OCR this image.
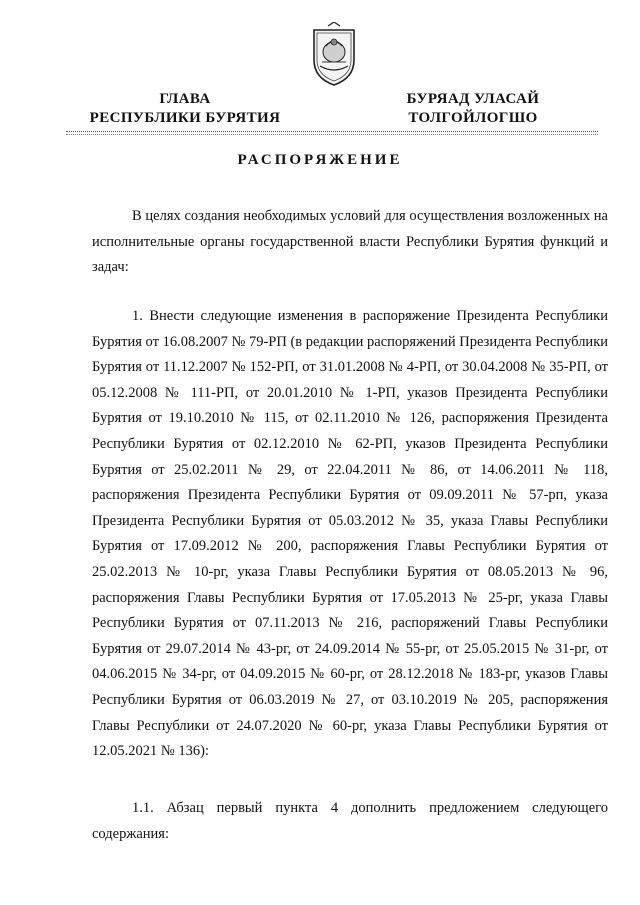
ГЛАВА
РЕСПУБЛИКИ БУРЯТИЯ
БУРЯАД УЛАСАЙ
ТОЛГОЙЛОГШО
РАСПОРЯЖЕНИЕ
В целях создания необходимых условий для осуществления возложенных на исполнительные органы государственной власти Республики Бурятия функций и задач:
1. Внести следующие изменения в распоряжение Президента Республики Бурятия от 16.08.2007 № 79-РП (в редакции распоряжений Президента Республики Бурятия от 11.12.2007 № 152-РП, от 31.01.2008 № 4-РП, от 30.04.2008 № 35-РП, от 05.12.2008 № 111-РП, от 20.01.2010 № 1-РП, указов Президента Республики Бурятия от 19.10.2010 № 115, от 02.11.2010 № 126, распоряжения Президента Республики Бурятия от 02.12.2010 № 62-РП, указов Президента Республики Бурятия от 25.02.2011 № 29, от 22.04.2011 № 86, от 14.06.2011 № 118, распоряжения Президента Республики Бурятия от 09.09.2011 № 57-рп, указа Президента Республики Бурятия от 05.03.2012 № 35, указа Главы Республики Бурятия от 17.09.2012 № 200, распоряжения Главы Республики Бурятия от 25.02.2013 № 10-рг, указа Главы Республики Бурятия от 08.05.2013 № 96, распоряжения Главы Республики Бурятия от 17.05.2013 № 25-рг, указа Главы Республики Бурятия от 07.11.2013 № 216, распоряжений Главы Республики Бурятия от 29.07.2014 № 43-рг, от 24.09.2014 № 55-рг, от 25.05.2015 № 31-рг, от 04.06.2015 № 34-рг, от 04.09.2015 № 60-рг, от 28.12.2018 № 183-рг, указов Главы Республики Бурятия от 06.03.2019 № 27, от 03.10.2019 № 205, распоряжения Главы Республики от 24.07.2020 № 60-рг, указа Главы Республики Бурятия от 12.05.2021 № 136):
1.1. Абзац первый пункта 4 дополнить предложением следующего содержания:
